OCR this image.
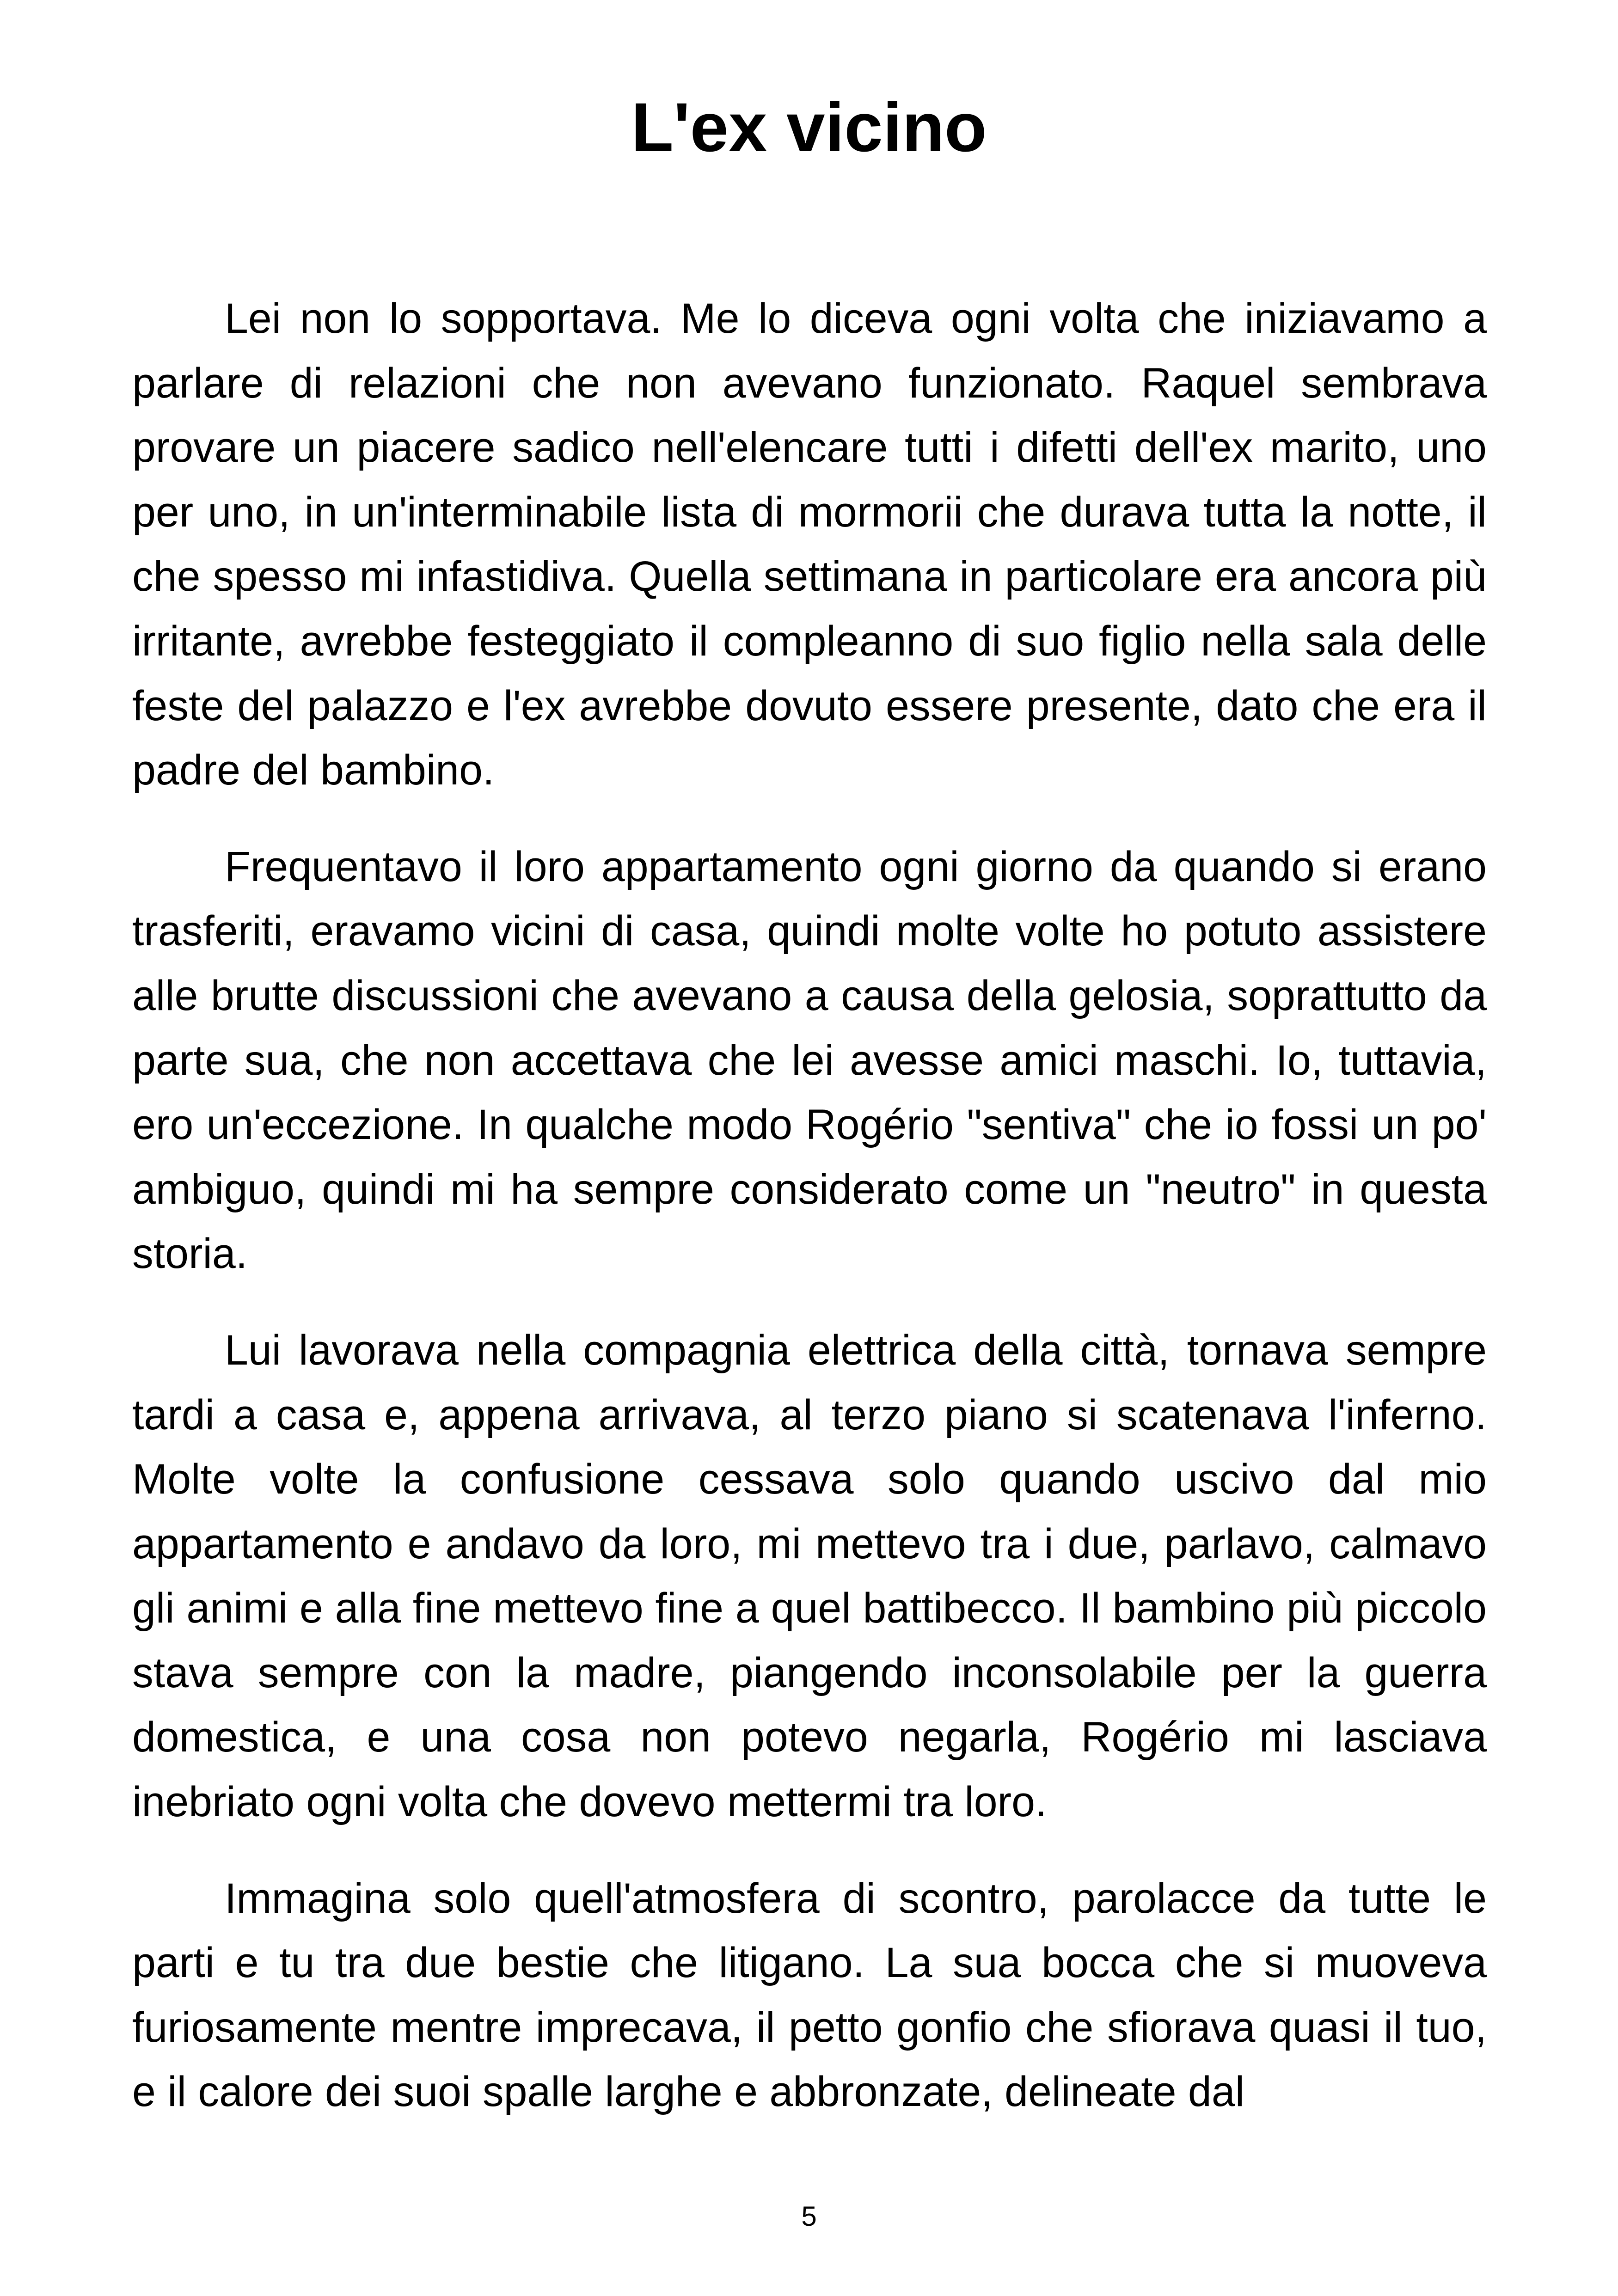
L'ex vicino

Lei non lo sopportava. Me lo diceva ogni volta che iniziavamo a parlare di relazioni che non avevano funzionato. Raquel sembrava provare un piacere sadico nell'elencare tutti i difetti dell'ex marito, uno per uno, in un'interminabile lista di mormorii che durava tutta la notte, il che spesso mi infastidiva. Quella settimana in particolare era ancora più irritante, avrebbe festeggiato il compleanno di suo figlio nella sala delle feste del palazzo e l'ex avrebbe dovuto essere presente, dato che era il padre del bambino.

Frequentavo il loro appartamento ogni giorno da quando si erano trasferiti, eravamo vicini di casa, quindi molte volte ho potuto assistere alle brutte discussioni che avevano a causa della gelosia, soprattutto da parte sua, che non accettava che lei avesse amici maschi. Io, tuttavia, ero un'eccezione. In qualche modo Rogério "sentiva" che io fossi un po' ambiguo, quindi mi ha sempre considerato come un "neutro" in questa storia.

Lui lavorava nella compagnia elettrica della città, tornava sempre tardi a casa e, appena arrivava, al terzo piano si scatenava l'inferno. Molte volte la confusione cessava solo quando uscivo dal mio appartamento e andavo da loro, mi mettevo tra i due, parlavo, calmavo gli animi e alla fine mettevo fine a quel battibecco. Il bambino più piccolo stava sempre con la madre, piangendo inconsolabile per la guerra domestica, e una cosa non potevo negarla, Rogério mi lasciava inebriato ogni volta che dovevo mettermi tra loro.

Immagina solo quell'atmosfera di scontro, parolacce da tutte le parti e tu tra due bestie che litigano. La sua bocca che si muoveva furiosamente mentre imprecava, il petto gonfio che sfiorava quasi il tuo, e il calore dei suoi spalle larghe e abbronzate, delineate dal

5
